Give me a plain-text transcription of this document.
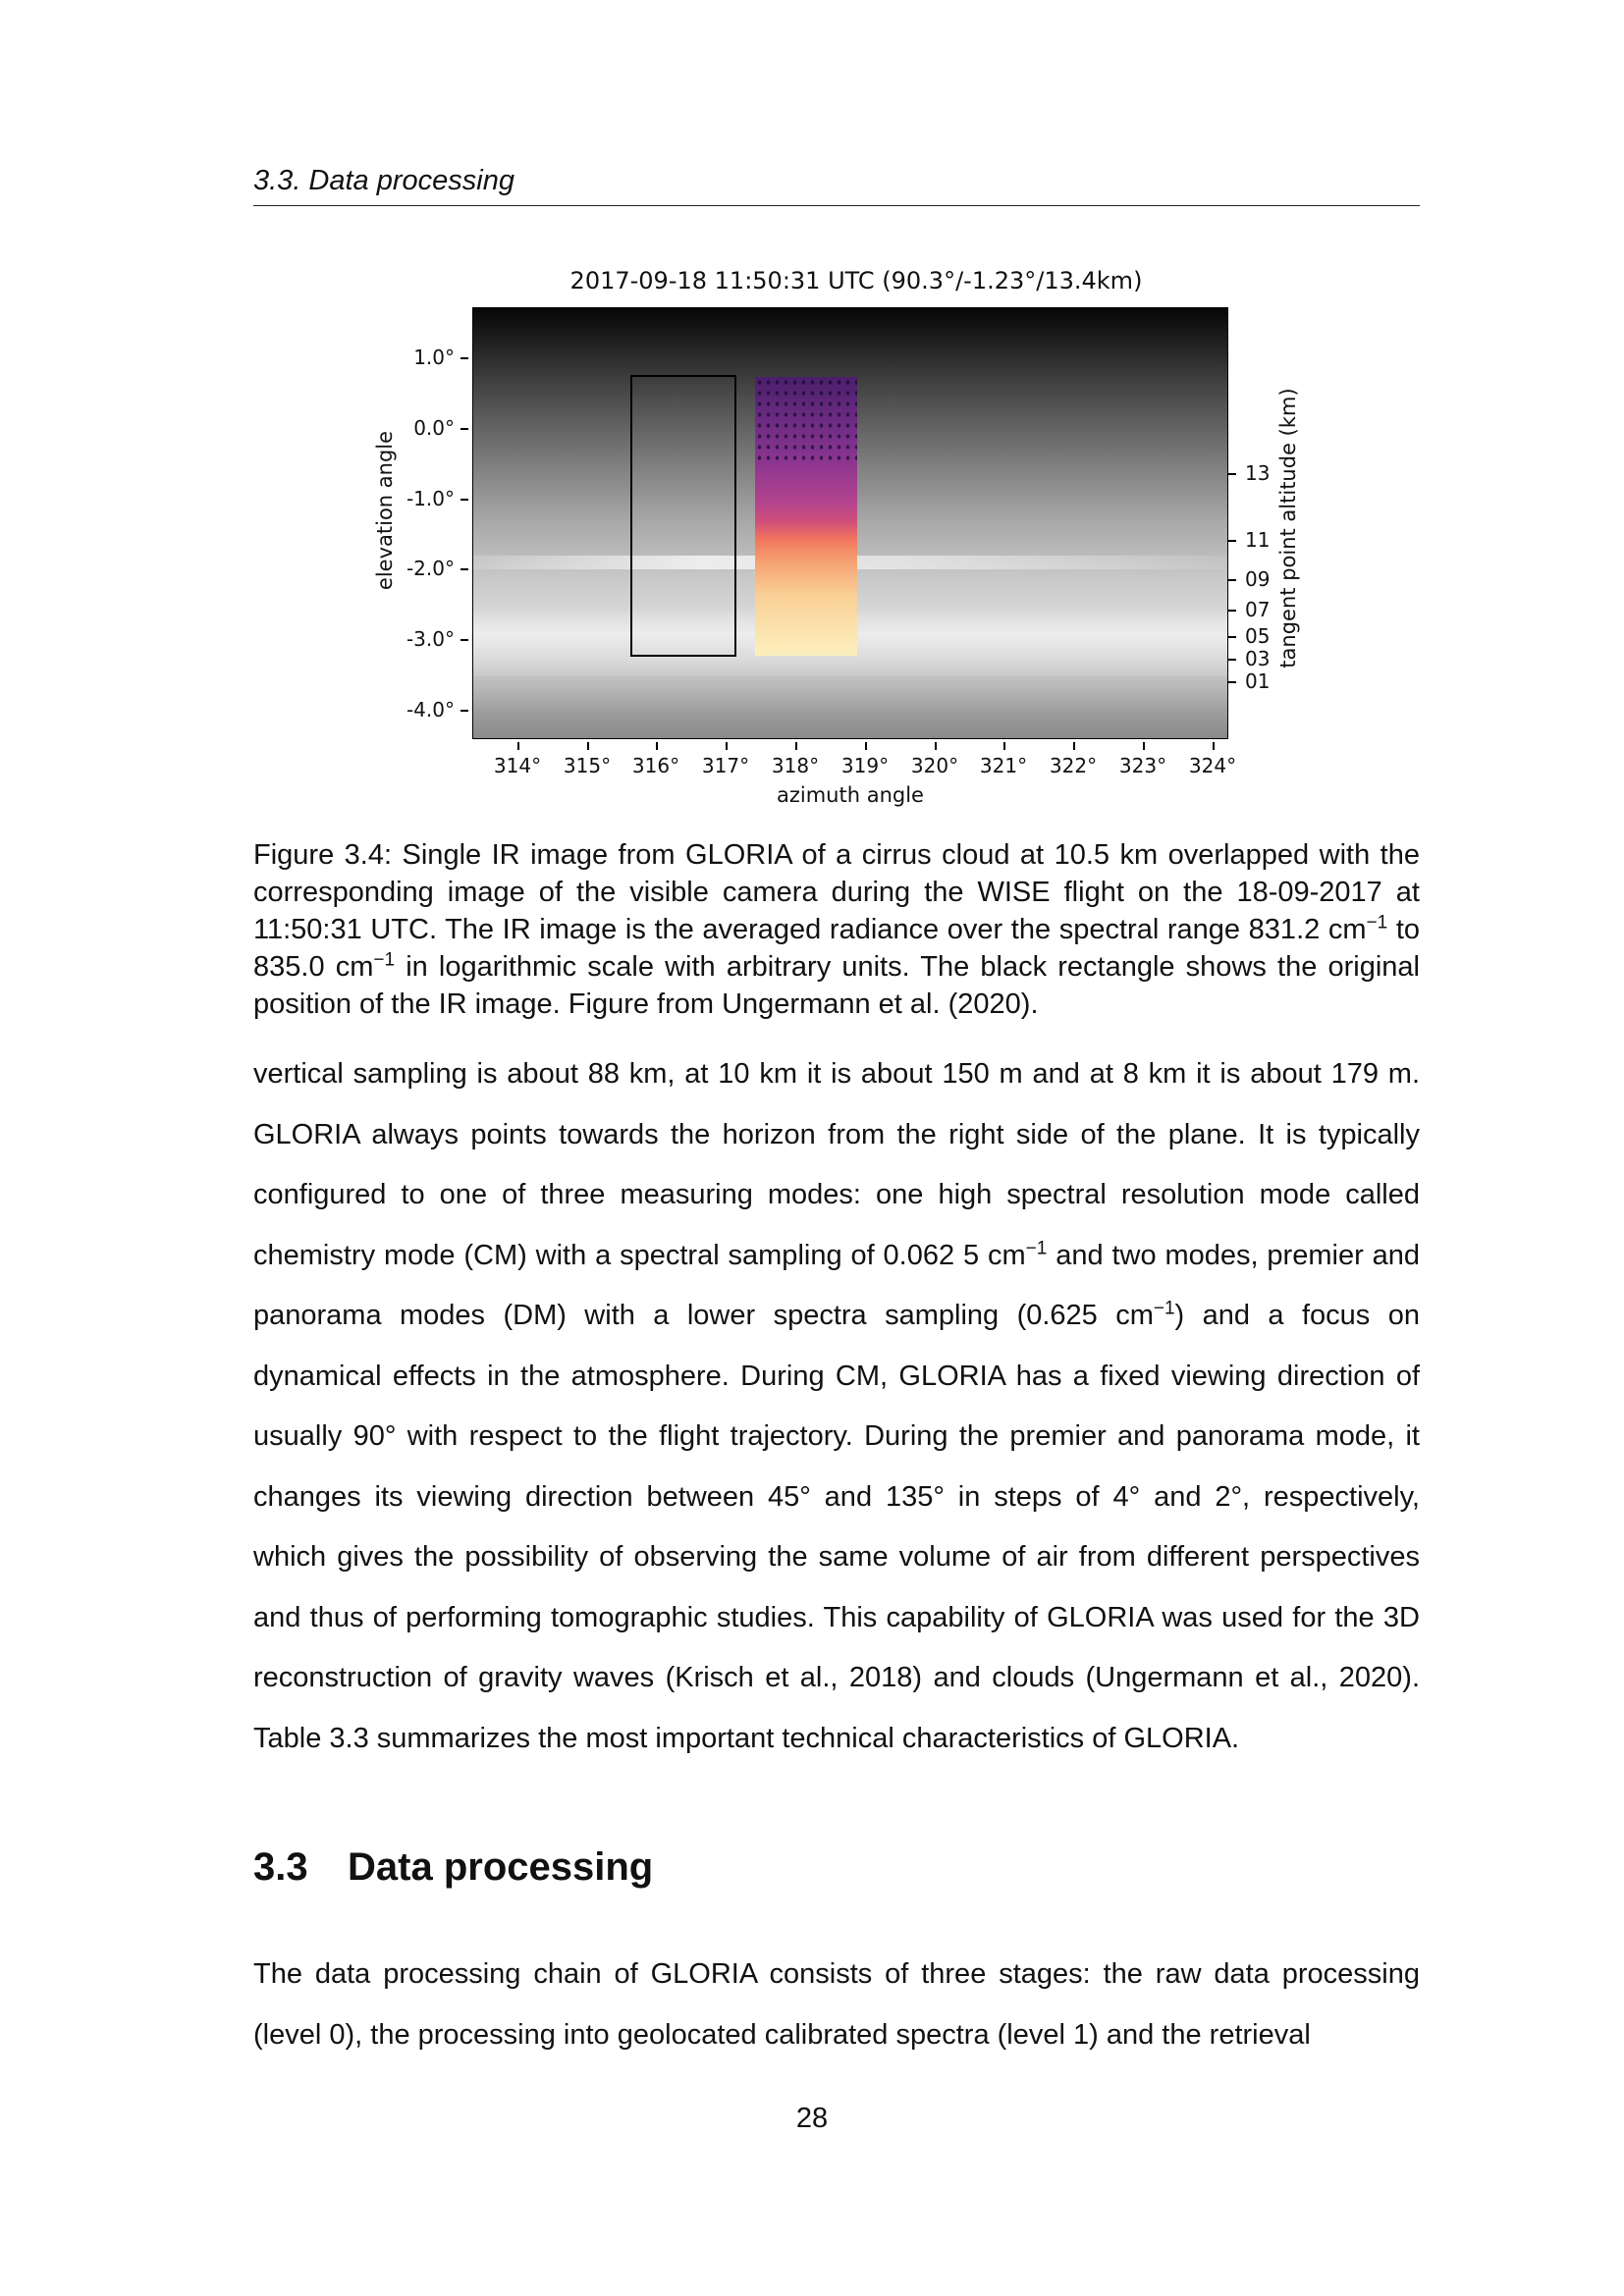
3.3. Data processing
2017-09-18 11:50:31 UTC (90.3°/-1.23°/13.4km)
1.0°
0.0°
-1.0°
-2.0°
-3.0°
-4.0°
13
11
09
07
05
03
01
314°	315°	316°	317°	318°	319°	320°	321°	322°	323°	324°
azimuth angle
elevation angle	tangent point altitude (km)
Figure 3.4: Single IR image from GLORIA of a cirrus cloud at 10.5 km overlapped with the corresponding image of the visible camera during the WISE flight on the 18-09-2017 at 11:50:31 UTC. The IR image is the averaged radiance over the spectral range 831.2 $cm^{-1}$ to 835.0 $cm^{-1}$ in logarithmic scale with arbitrary units. The black rectangle shows the original position of the IR image. Figure from Ungermann et al. (2020).
vertical sampling is about 88 km, at 10 km it is about 150 m and at 8 km it is about 179 m. GLORIA always points towards the horizon from the right side of the plane. It is typically configured to one of three measuring modes: one high spectral resolution mode called chemistry mode (CM) with a spectral sampling of 0.062 5 $cm^{-1}$ and two modes, premier and panorama modes (DM) with a lower spectra sampling (0.625 $cm^{-1}$) and a focus on dynamical effects in the atmosphere. During CM, GLORIA has a fixed viewing direction of usually 90° with respect to the flight trajectory. During the premier and panorama mode, it changes its viewing direction between 45° and 135° in steps of 4° and 2°, respectively, which gives the possibility of observing the same volume of air from different perspectives and thus of performing tomographic studies. This capability of GLORIA was used for the 3D reconstruction of gravity waves (Krisch et al., 2018) and clouds (Ungermann et al., 2020). Table 3.3 summarizes the most important technical characteristics of GLORIA.
3.3 Data processing
The data processing chain of GLORIA consists of three stages: the raw data processing (level 0), the processing into geolocated calibrated spectra (level 1) and the retrieval
28
